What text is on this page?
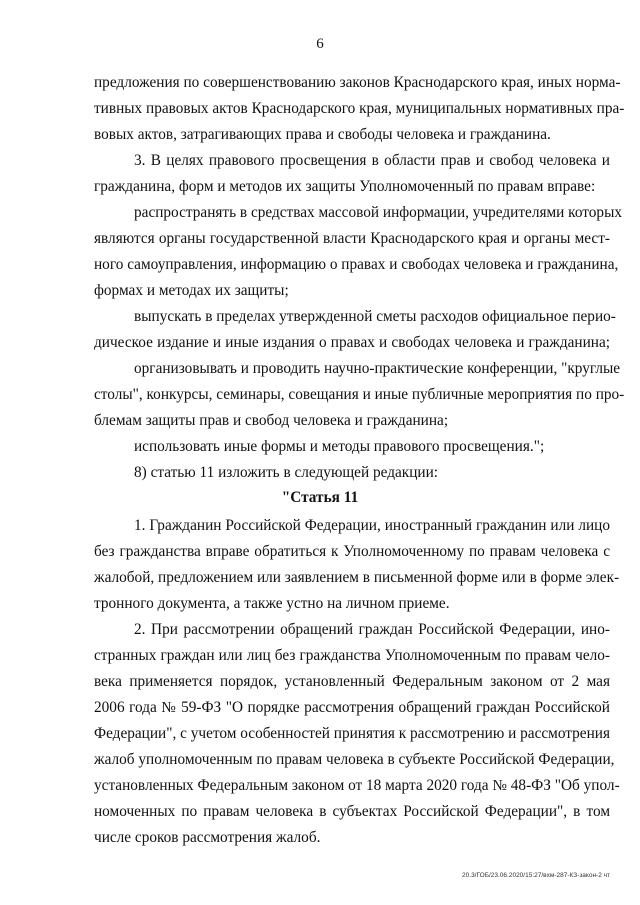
6
предложения по совершенствованию законов Краснодарского края, иных норма-
тивных правовых актов Краснодарского края, муниципальных нормативных пра-
вовых актов, затрагивающих права и свободы человека и гражданина.
3. В целях правового просвещения в области прав и свобод человека и
гражданина, форм и методов их защиты Уполномоченный по правам вправе:
распространять в средствах массовой информации, учредителями которых
являются органы государственной власти Краснодарского края и органы мест-
ного самоуправления, информацию о правах и свободах человека и гражданина,
формах и методах их защиты;
выпускать в пределах утвержденной сметы расходов официальное перио-
дическое издание и иные издания о правах и свободах человека и гражданина;
организовывать и проводить научно-практические конференции, "круглые
столы", конкурсы, семинары, совещания и иные публичные мероприятия по про-
блемам защиты прав и свобод человека и гражданина;
использовать иные формы и методы правового просвещения.";
8) статью 11 изложить в следующей редакции:
"Статья 11
1. Гражданин Российской Федерации, иностранный гражданин или лицо
без гражданства вправе обратиться к Уполномоченному по правам человека с
жалобой, предложением или заявлением в письменной форме или в форме элек-
тронного документа, а также устно на личном приеме.
2. При рассмотрении обращений граждан Российской Федерации, ино-
странных граждан или лиц без гражданства Уполномоченным по правам чело-
века применяется порядок, установленный Федеральным законом от 2 мая
2006 года № 59-ФЗ "О порядке рассмотрения обращений граждан Российской
Федерации", с учетом особенностей принятия к рассмотрению и рассмотрения
жалоб уполномоченным по правам человека в субъекте Российской Федерации,
установленных Федеральным законом от 18 марта 2020 года № 48-ФЗ "Об упол-
номоченных по правам человека в субъектах Российской Федерации", в том
числе сроков рассмотрения жалоб.
20.3/ГОБ/23.06.2020/15:27/вхм-287-КЗ-закон-2 чт
